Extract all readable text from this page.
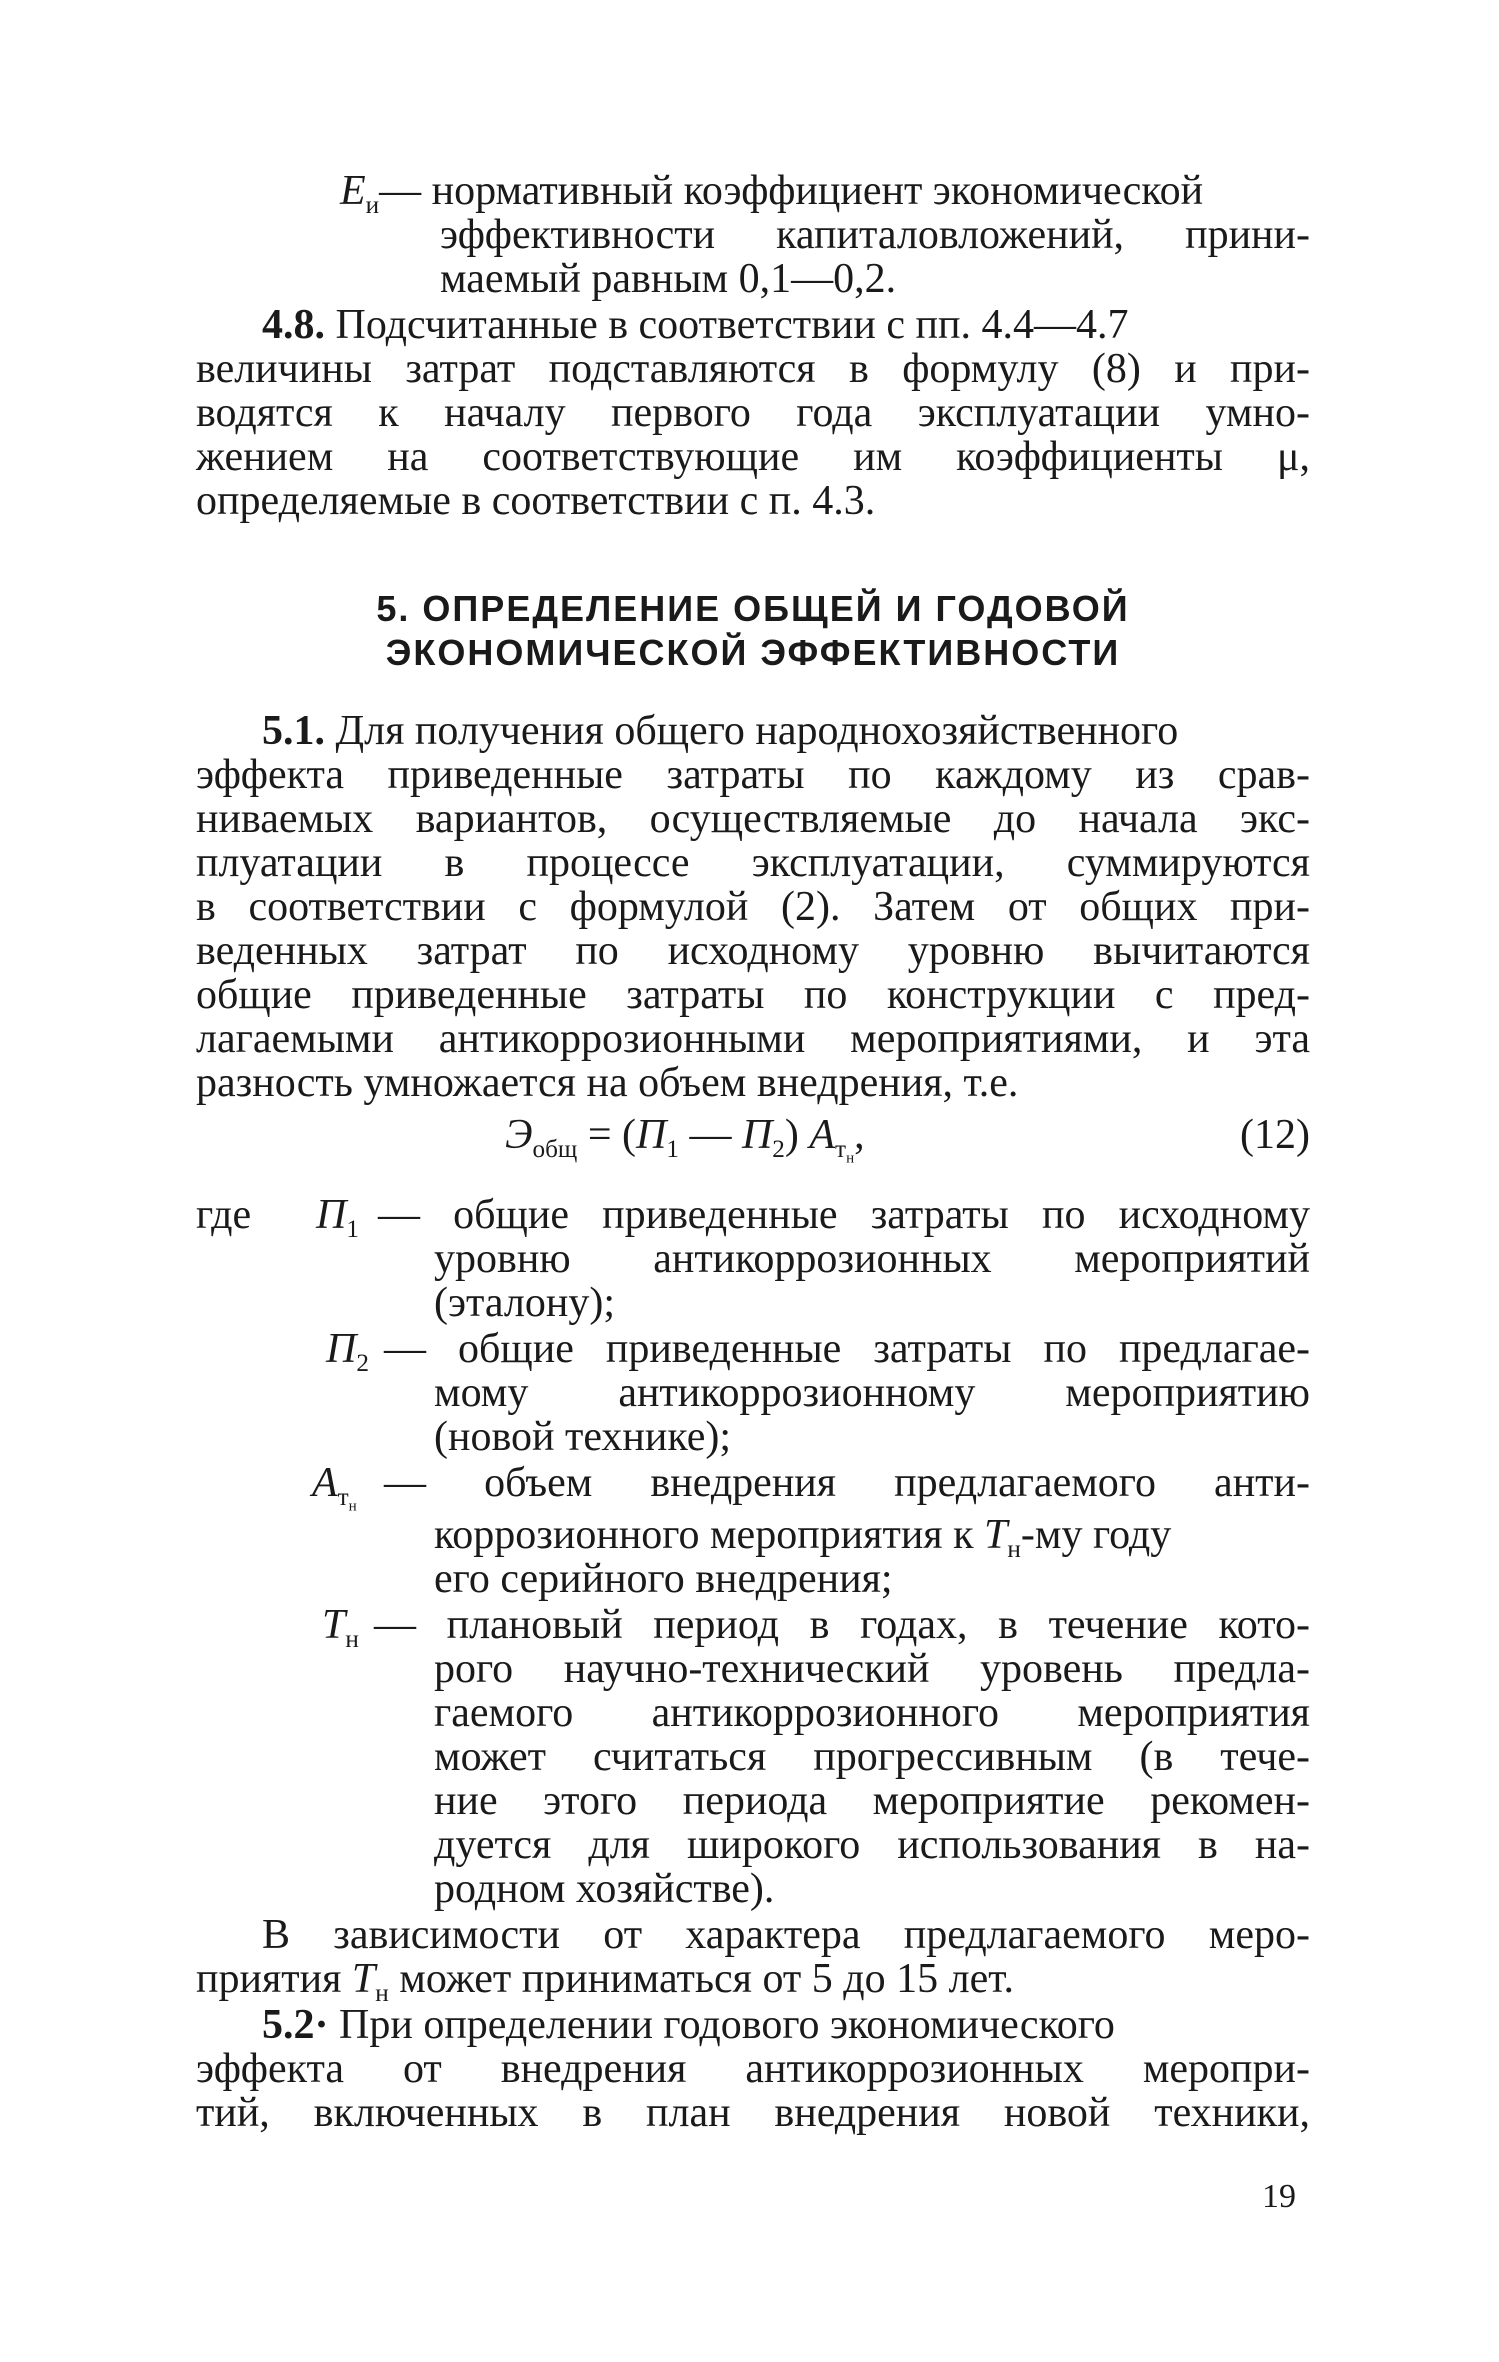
$Е_и—$ нормативный коэффициент экономической
эффективности капиталовложений, прини-
маемый равным 0,1—0,2.
4.8. Подсчитанные в соответствии с пп. 4.4—4.7
величины затрат подставляются в формулу (8) и при-
водятся к началу первого года эксплуатации умно-
жением на соответствующие им коэффициенты μ,
определяемые в соответствии с п. 4.3.
5. ОПРЕДЕЛЕНИЕ ОБЩЕЙ И ГОДОВОЙ
ЭКОНОМИЧЕСКОЙ ЭФФЕКТИВНОСТИ
5.1. Для получения общего народнохозяйственного
эффекта приведенные затраты по каждому из срав-
ниваемых вариантов, осуществляемые до начала экс-
плуатации в процессе эксплуатации, суммируются
в соответствии с формулой (2). Затем от общих при-
веденных затрат по исходному уровню вычитаются
общие приведенные затраты по конструкции с пред-
лагаемыми антикоррозионными мероприятиями, и эта
разность умножается на объем внедрения, т.е.
$Э_{общ} = (П_1$ — $П_2$) $А_{т_н}$,	(12)
где $П_1$ — общие приведенные затраты по исходному
уровню антикоррозионных мероприятий
(эталону);
$П_2$ — общие приведенные затраты по предлагае-
мому антикоррозионному мероприятию
(новой технике);
$А_{т_н}$
— объем внедрения предлагаемого анти-
коррозионного мероприятия к $Т_н-му$ году
его серийного внедрения;
$Т_н$ — плановый период в годах, в течение кото-
рого научно-технический уровень предла-
гаемого антикоррозионного мероприятия
может считаться прогрессивным (в тече-
ние этого периода мероприятие рекомен-
дуется для широкого использования в на-
родном хозяйстве).
В зависимости от характера предлагаемого меро-
приятия $Т_н$ может приниматься от 5 до 15 лет.
5.2· При определении годового экономического
эффекта от внедрения антикоррозионных меропри-
тий, включенных в план внедрения новой техники,
19
